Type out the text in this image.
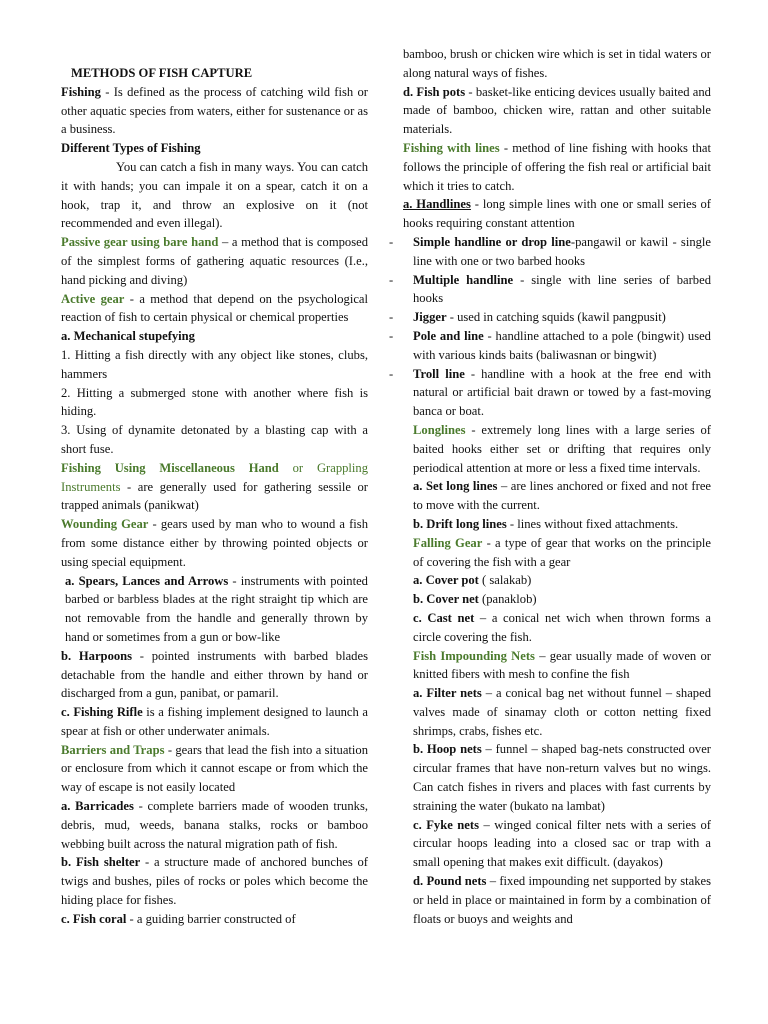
METHODS OF FISH CAPTURE

Fishing - Is defined as the process of catching wild fish or other aquatic species from waters, either for sustenance or as a business.

Different Types of Fishing

You can catch a fish in many ways. You can catch it with hands; you can impale it on a spear, catch it on a hook, trap it, and throw an explosive on it (not recommended and even illegal).

Passive gear using bare hand – a method that is composed of the simplest forms of gathering aquatic resources (I.e., hand picking and diving)

Active gear - a method that depend on the psychological reaction of fish to certain physical or chemical properties

a. Mechanical stupefying

1. Hitting a fish directly with any object like stones, clubs, hammers

2. Hitting a submerged stone with another where fish is hiding.

3. Using of dynamite detonated by a blasting cap with a short fuse.

Fishing Using Miscellaneous Hand or Grappling Instruments - are generally used for gathering sessile or trapped animals (panikwat)

Wounding Gear - gears used by man who to wound a fish from some distance either by throwing pointed objects or using special equipment.

a. Spears, Lances and Arrows - instruments with pointed barbed or barbless blades at the right straight tip which are not removable from the handle and generally thrown by hand or sometimes from a gun or bow-like

b. Harpoons - pointed instruments with barbed blades detachable from the handle and either thrown by hand or discharged from a gun, panibat, or pamaril.

c. Fishing Rifle is a fishing implement designed to launch a spear at fish or other underwater animals.

Barriers and Traps - gears that lead the fish into a situation or enclosure from which it cannot escape or from which the way of escape is not easily located

a. Barricades - complete barriers made of wooden trunks, debris, mud, weeds, banana stalks, rocks or bamboo webbing built across the natural migration path of fish.

b. Fish shelter - a structure made of anchored bunches of twigs and bushes, piles of rocks or poles which become the hiding place for fishes.

c. Fish coral - a guiding barrier constructed of

bamboo, brush or chicken wire which is set in tidal waters or along natural ways of fishes.

d. Fish pots - basket-like enticing devices usually baited and made of bamboo, chicken wire, rattan and other suitable materials.

Fishing with lines - method of line fishing with hooks that follows the principle of offering the fish real or artificial bait which it tries to catch.

a. Handlines - long simple lines with one or small series of hooks requiring constant attention

- Simple handline or drop line-pangawil or kawil - single line with one or two barbed hooks

- Multiple handline - single with line series of barbed hooks

- Jigger - used in catching squids (kawil pangpusit)

- Pole and line - handline attached to a pole (bingwit) used with various kinds baits (baliwasnan or bingwit)

- Troll line - handline with a hook at the free end with natural or artificial bait drawn or towed by a fast-moving banca or boat.

Longlines - extremely long lines with a large series of baited hooks either set or drifting that requires only periodical attention at more or less a fixed time intervals.

a. Set long lines – are lines anchored or fixed and not free to move with the current.

b. Drift long lines - lines without fixed attachments.

Falling Gear - a type of gear that works on the principle of covering the fish with a gear

a. Cover pot ( salakab)

b. Cover net (panaklob)

c. Cast net – a conical net wich when thrown forms a circle covering the fish.

Fish Impounding Nets – gear usually made of woven or knitted fibers with mesh to confine the fish

a. Filter nets – a conical bag net without funnel – shaped valves made of sinamay cloth or cotton netting fixed shrimps, crabs, fishes etc.

b. Hoop nets – funnel – shaped bag-nets constructed over circular frames that have non-return valves but no wings. Can catch fishes in rivers and places with fast currents by straining the water (bukato na lambat)

c. Fyke nets – winged conical filter nets with a series of circular hoops leading into a closed sac or trap with a small opening that makes exit difficult. (dayakos)

d. Pound nets – fixed impounding net supported by stakes or held in place or maintained in form by a combination of floats or buoys and weights and
